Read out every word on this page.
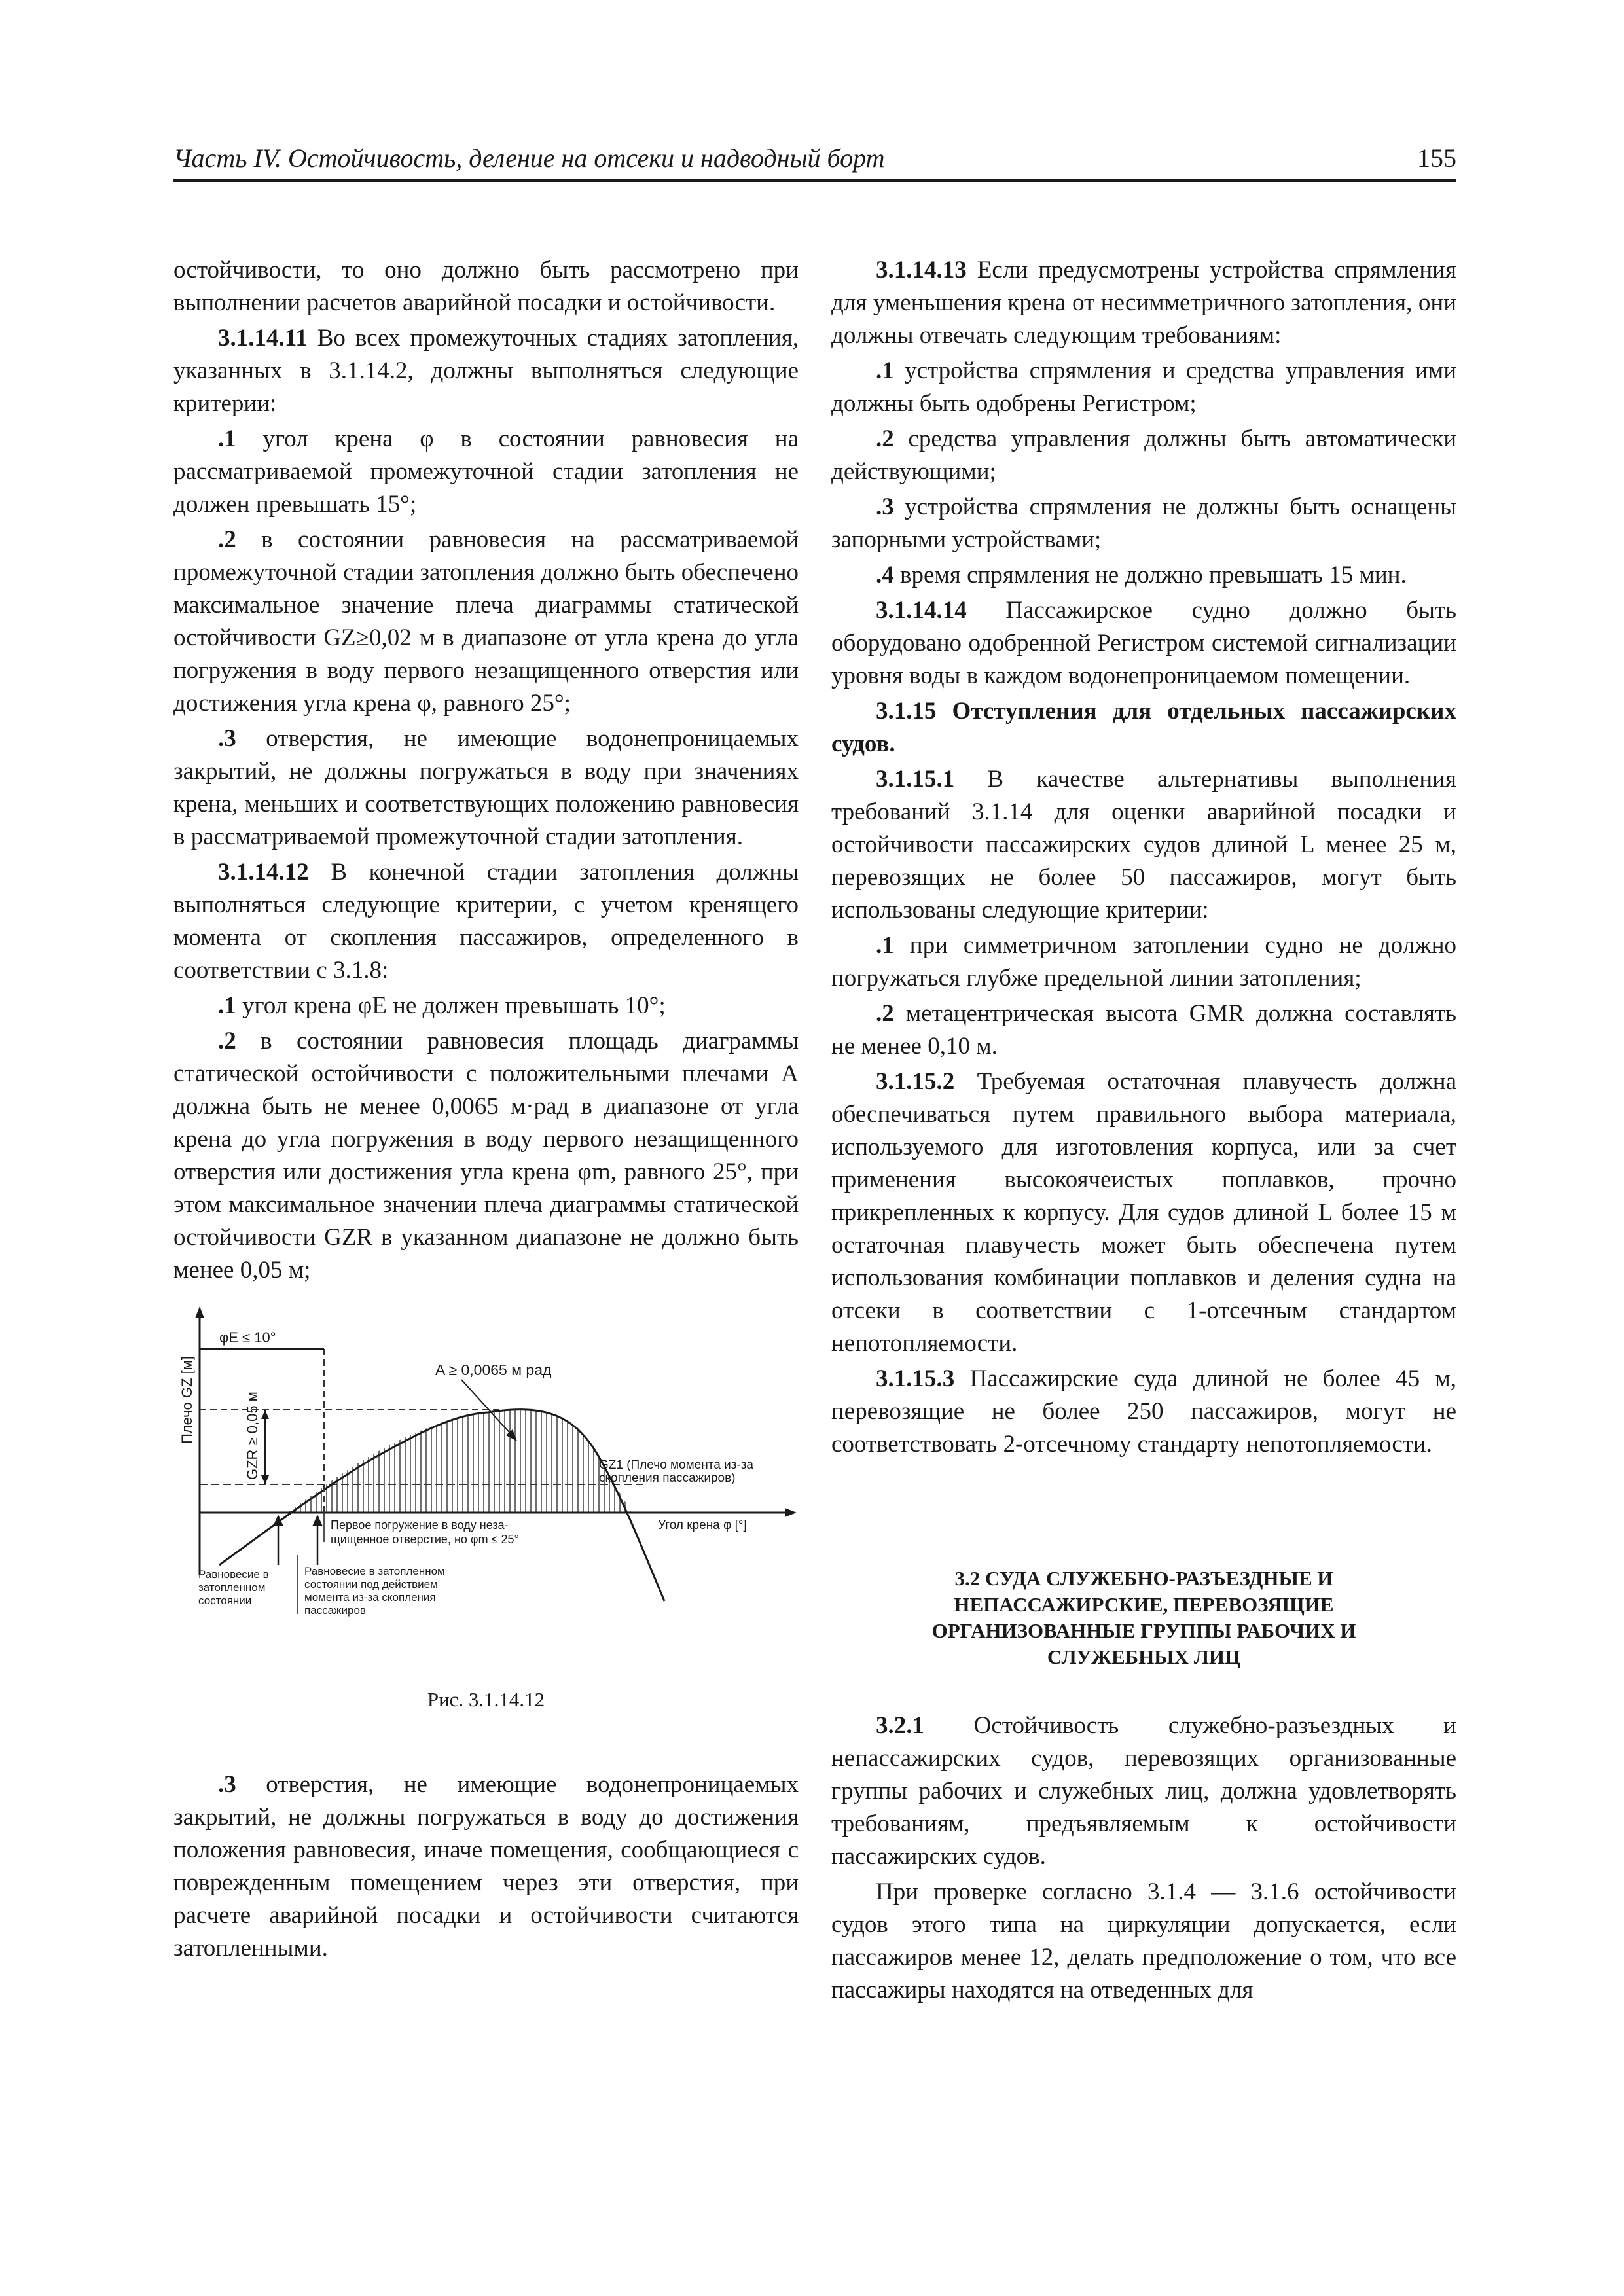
Часть IV. Остойчивость, деление на отсеки и надводный борт	155

остойчивости, то оно должно быть рассмотрено при выполнении расчетов аварийной посадки и остойчивости.

3.1.14.11 Во всех промежуточных стадиях затопления, указанных в 3.1.14.2, должны выполняться следующие критерии:

.1 угол крена φ в состоянии равновесия на рассматриваемой промежуточной стадии затопления не должен превышать 15°;

.2 в состоянии равновесия на рассматриваемой промежуточной стадии затопления должно быть обеспечено максимальное значение плеча диаграммы статической остойчивости GZ≥0,02 м в диапазоне от угла крена до угла погружения в воду первого незащищенного отверстия или достижения угла крена φ, равного 25°;

.3 отверстия, не имеющие водонепроницаемых закрытий, не должны погружаться в воду при значениях крена, меньших и соответствующих положению равновесия в рассматриваемой промежуточной стадии затопления.

3.1.14.12 В конечной стадии затопления должны выполняться следующие критерии, с учетом кренящего момента от скопления пассажиров, определенного в соответствии с 3.1.8:

.1 угол крена φE не должен превышать 10°;

.2 в состоянии равновесия площадь диаграммы статической остойчивости с положительными плечами A должна быть не менее 0,0065 м·рад в диапазоне от угла крена до угла погружения в воду первого незащищенного отверстия или достижения угла крена φm, равного 25°, при этом максимальное значении плеча диаграммы статической остойчивости GZR в указанном диапазоне не должно быть менее 0,05 м;

φE ≤ 10°
GZR ≥ 0,05 м
Плечо GZ [м]	A ≥ 0,0065 м рад
GZ1 (Плечо момента из-за
скопления пассажиров)
Угол крена φ [°]
Первое погружение в воду неза-
щищенное отверстие, но φm ≤ 25°
Равновесие в
затопленном
состоянии
Равновесие в затопленном
состоянии под действием
момента из-за скопления
пассажиров

Рис. 3.1.14.12

.3 отверстия, не имеющие водонепроницаемых закрытий, не должны погружаться в воду до достижения положения равновесия, иначе помещения, сообщающиеся с поврежденным помещением через эти отверстия, при расчете аварийной посадки и остойчивости считаются затопленными.

3.1.14.13 Если предусмотрены устройства спрямления для уменьшения крена от несимметричного затопления, они должны отвечать следующим требованиям:

.1 устройства спрямления и средства управления ими должны быть одобрены Регистром;

.2 средства управления должны быть автоматически действующими;

.3 устройства спрямления не должны быть оснащены запорными устройствами;

.4 время спрямления не должно превышать 15 мин.

3.1.14.14 Пассажирское судно должно быть оборудовано одобренной Регистром системой сигнализации уровня воды в каждом водонепроницаемом помещении.

3.1.15 Отступления для отдельных пассажирских судов.

3.1.15.1 В качестве альтернативы выполнения требований 3.1.14 для оценки аварийной посадки и остойчивости пассажирских судов длиной L менее 25 м, перевозящих не более 50 пассажиров, могут быть использованы следующие критерии:

.1 при симметричном затоплении судно не должно погружаться глубже предельной линии затопления;

.2 метацентрическая высота GMR должна составлять не менее 0,10 м.

3.1.15.2 Требуемая остаточная плавучесть должна обеспечиваться путем правильного выбора материала, используемого для изготовления корпуса, или за счет применения высокоячеистых поплавков, прочно прикрепленных к корпусу. Для судов длиной L более 15 м остаточная плавучесть может быть обеспечена путем использования комбинации поплавков и деления судна на отсеки в соответствии с 1-отсечным стандартом непотопляемости.

3.1.15.3 Пассажирские суда длиной не более 45 м, перевозящие не более 250 пассажиров, могут не соответствовать 2-отсечному стандарту непотопляемости.

3.2 СУДА СЛУЖЕБНО-РАЗЪЕЗДНЫЕ И НЕПАССАЖИРСКИЕ, ПЕРЕВОЗЯЩИЕ ОРГАНИЗОВАННЫЕ ГРУППЫ РАБОЧИХ И СЛУЖЕБНЫХ ЛИЦ

3.2.1 Остойчивость служебно-разъездных и непассажирских судов, перевозящих организованные группы рабочих и служебных лиц, должна удовлетворять требованиям, предъявляемым к остойчивости пассажирских судов.

При проверке согласно 3.1.4 — 3.1.6 остойчивости судов этого типа на циркуляции допускается, если пассажиров менее 12, делать предположение о том, что все пассажиры находятся на отведенных для
